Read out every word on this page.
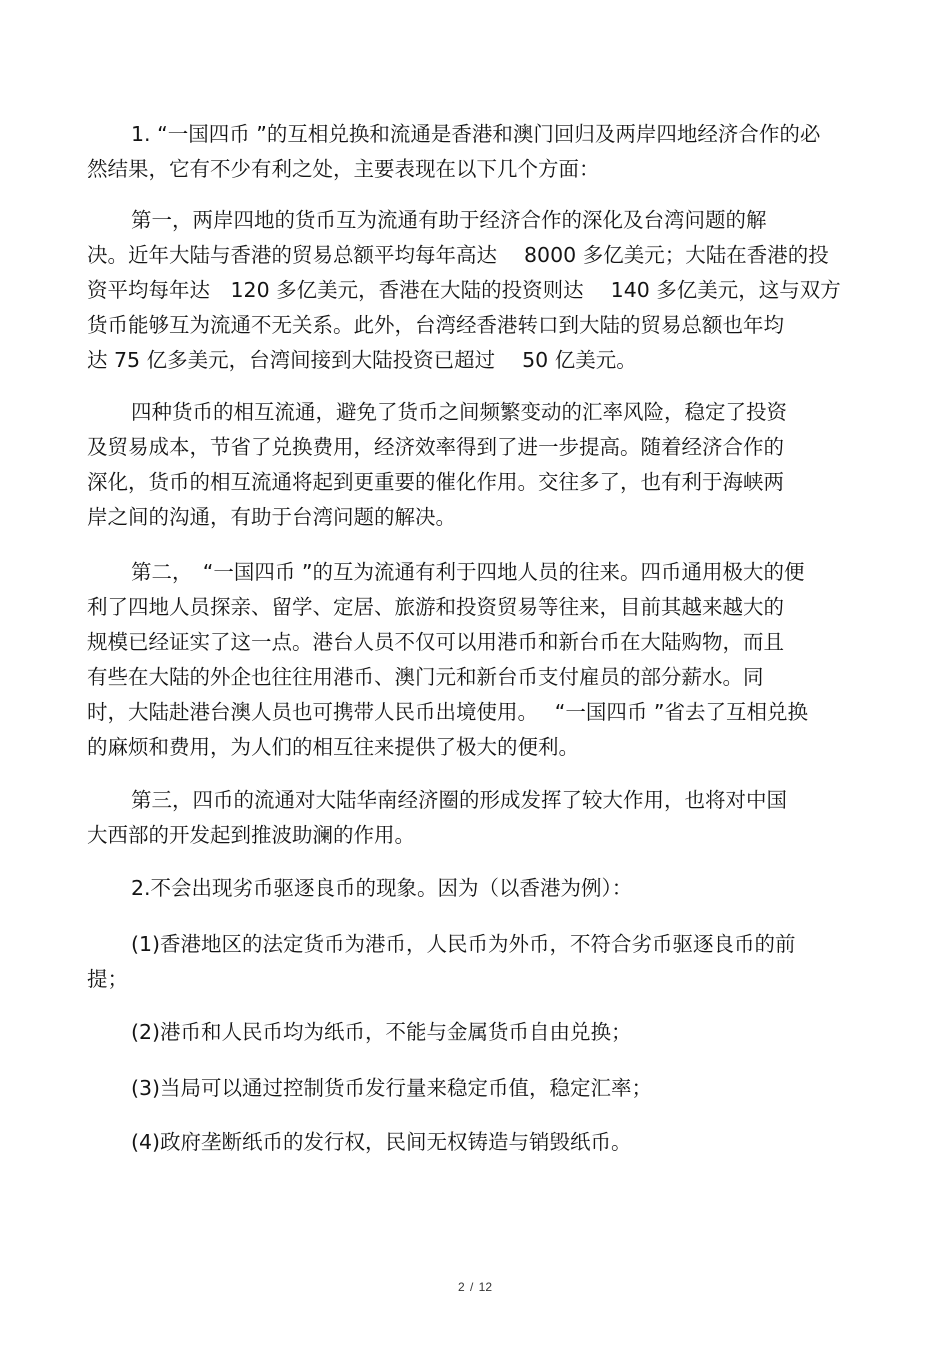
1. “一国四币 ”的互相兑换和流通是香港和澳门回归及两岸四地经济合作的必
然结果，它有不少有利之处，主要表现在以下几个方面：
第一，两岸四地的货币互为流通有助于经济合作的深化及台湾问题的解
决。近年大陆与香港的贸易总额平均每年高达　 8000 多亿美元；大陆在香港的投
资平均每年达　120 多亿美元，香港在大陆的投资则达　 140 多亿美元，这与双方
货币能够互为流通不无关系。此外，台湾经香港转口到大陆的贸易总额也年均
达 75 亿多美元，台湾间接到大陆投资已超过　 50 亿美元。
四种货币的相互流通，避免了货币之间频繁变动的汇率风险，稳定了投资
及贸易成本，节省了兑换费用，经济效率得到了进一步提高。随着经济合作的
深化，货币的相互流通将起到更重要的催化作用。交往多了，也有利于海峡两
岸之间的沟通，有助于台湾问题的解决。
第二，　“一国四币 ”的互为流通有利于四地人员的往来。四币通用极大的便
利了四地人员探亲、留学、定居、旅游和投资贸易等往来，目前其越来越大的
规模已经证实了这一点。港台人员不仅可以用港币和新台币在大陆购物，而且
有些在大陆的外企也往往用港币、澳门元和新台币支付雇员的部分薪水。同
时，大陆赴港台澳人员也可携带人民币出境使用。　 “一国四币 ”省去了互相兑换
的麻烦和费用，为人们的相互往来提供了极大的便利。
第三，四币的流通对大陆华南经济圈的形成发挥了较大作用，也将对中国
大西部的开发起到推波助澜的作用。
2.不会出现劣币驱逐良币的现象。因为（以香港为例）：
(1)香港地区的法定货币为港币，人民币为外币，不符合劣币驱逐良币的前
提；
(2)港币和人民币均为纸币，不能与金属货币自由兑换；
(3)当局可以通过控制货币发行量来稳定币值，稳定汇率；
(4)政府垄断纸币的发行权，民间无权铸造与销毁纸币。
2 / 12
